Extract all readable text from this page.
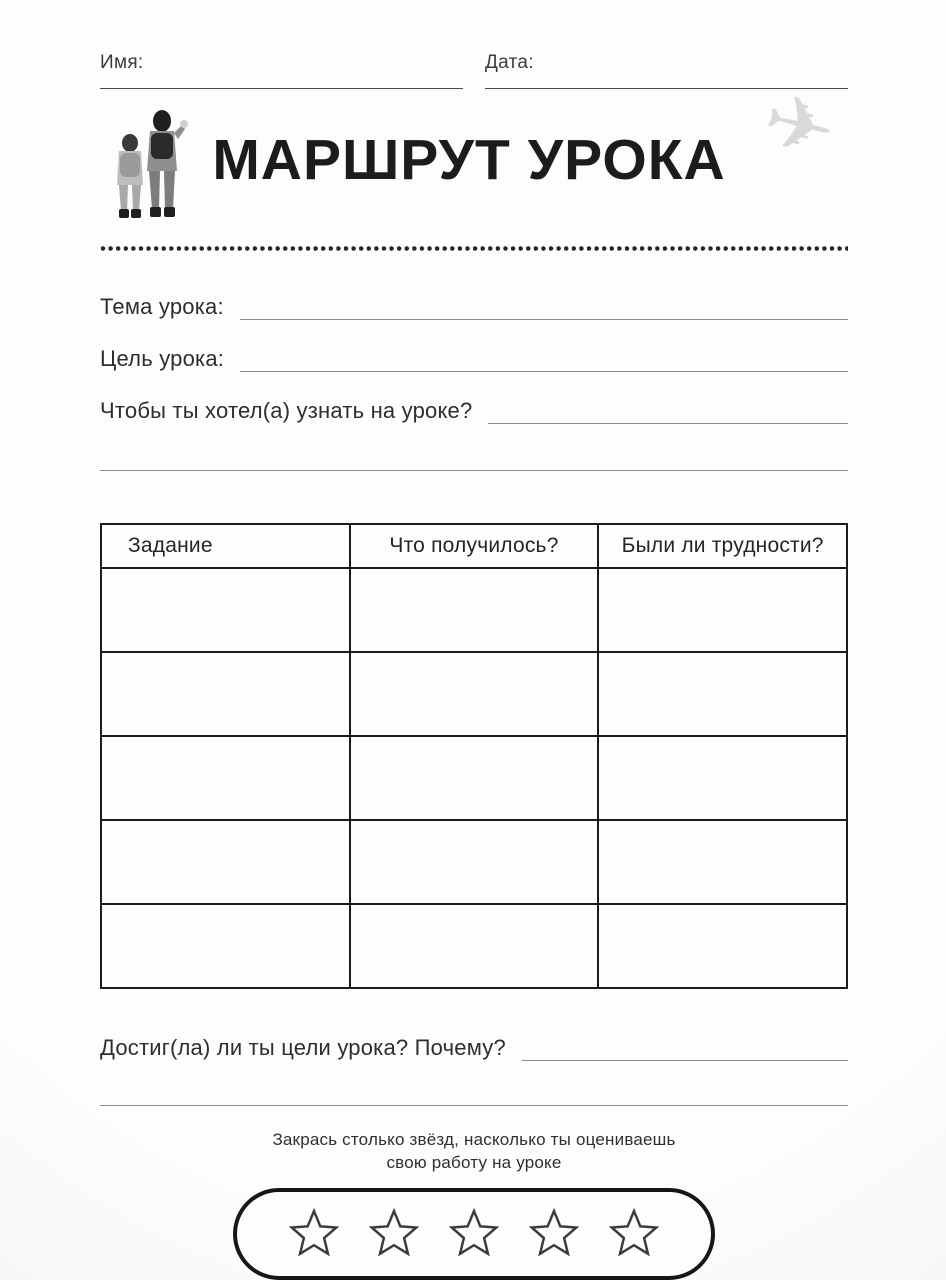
Имя:	Дата:
МАРШРУТ УРОКА ✈
Тема урока:
Цель урока:
Чтобы ты хотел(а) узнать на уроке?
Задание	Что получилось?	Были ли трудности?

Достиг(ла) ли ты цели урока? Почему?
Закрась столько звёзд, насколько ты оцениваешь
свою работу на уроке
